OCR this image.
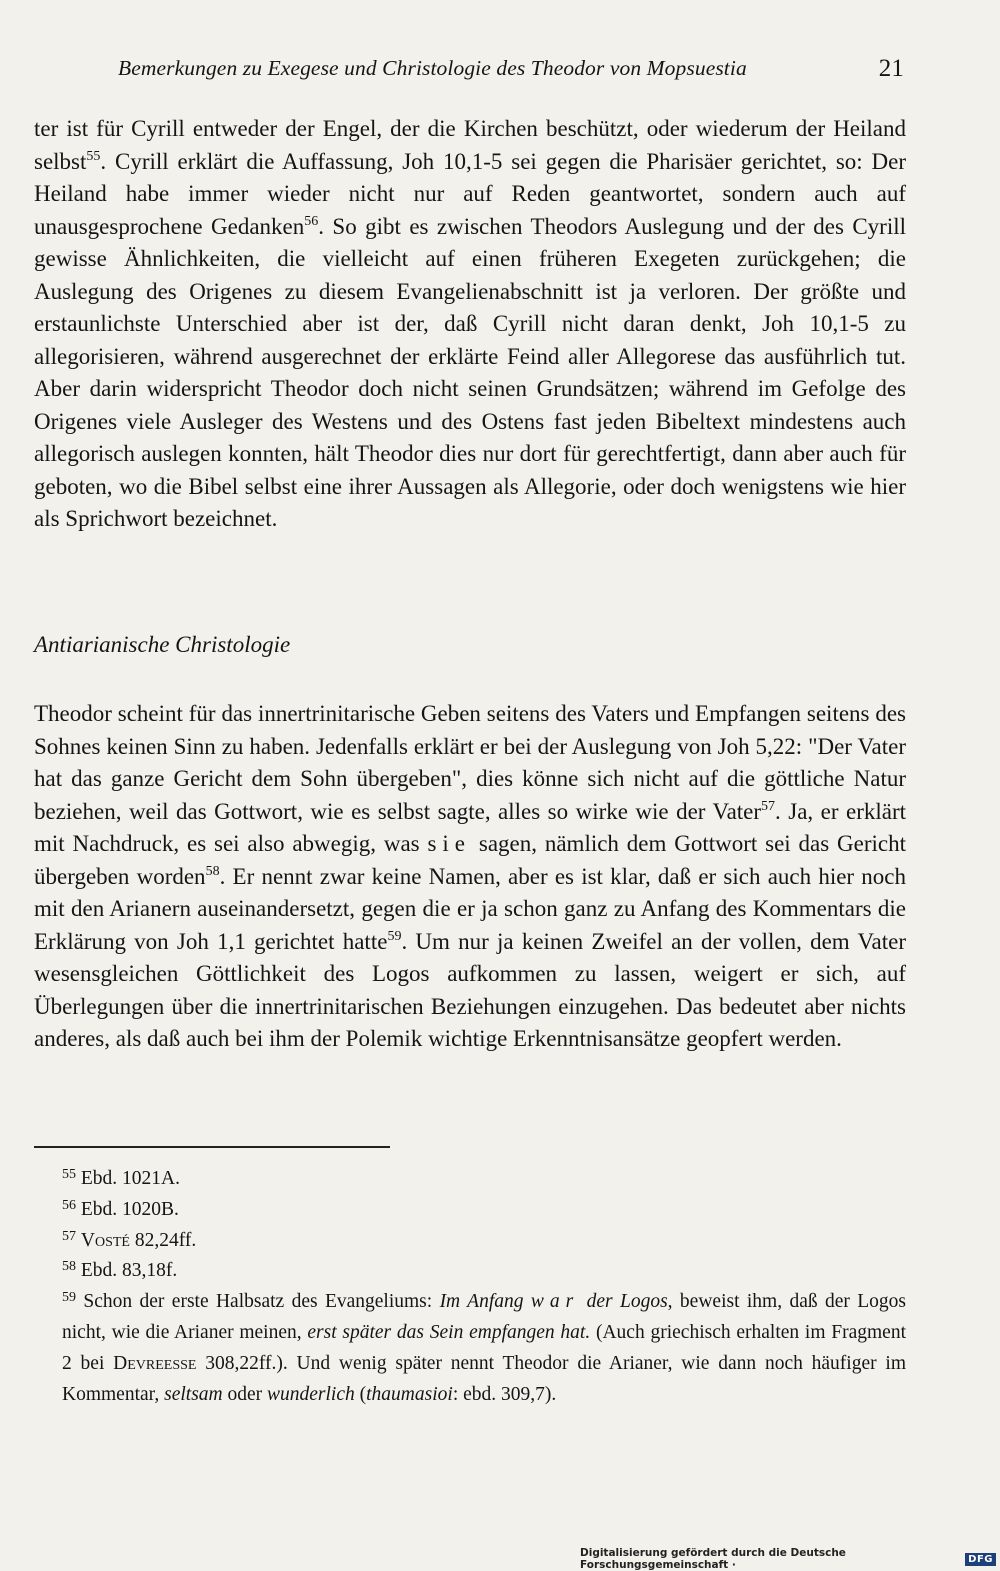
Bemerkungen zu Exegese und Christologie des Theodor von Mopsuestia	21

ter ist für Cyrill entweder der Engel, der die Kirchen beschützt, oder wiederum der Heiland selbst$^{55}$. Cyrill erklärt die Auffassung, Joh 10,1-5 sei gegen die Pharisäer gerichtet, so: Der Heiland habe immer wieder nicht nur auf Reden geantwortet, sondern auch auf unausgesprochene Gedanken$^{56}$. So gibt es zwischen Theodors Auslegung und der des Cyrill gewisse Ähnlichkeiten, die vielleicht auf einen früheren Exegeten zurückgehen; die Auslegung des Origenes zu diesem Evangelienabschnitt ist ja verloren. Der größte und erstaunlichste Unterschied aber ist der, daß Cyrill nicht daran denkt, Joh 10,1-5 zu allegorisieren, während ausgerechnet der erklärte Feind aller Allegorese das ausführlich tut. Aber darin widerspricht Theodor doch nicht seinen Grundsätzen; während im Gefolge des Origenes viele Ausleger des Westens und des Ostens fast jeden Bibeltext mindestens auch allegorisch auslegen konnten, hält Theodor dies nur dort für gerechtfertigt, dann aber auch für geboten, wo die Bibel selbst eine ihrer Aussagen als Allegorie, oder doch wenigstens wie hier als Sprichwort bezeichnet.

Antiarianische Christologie

Theodor scheint für das innertrinitarische Geben seitens des Vaters und Empfangen seitens des Sohnes keinen Sinn zu haben. Jedenfalls erklärt er bei der Auslegung von Joh 5,22: "Der Vater hat das ganze Gericht dem Sohn übergeben", dies könne sich nicht auf die göttliche Natur beziehen, weil das Gottwort, wie es selbst sagte, alles so wirke wie der Vater$^{57}$. Ja, er erklärt mit Nachdruck, es sei also abwegig, was sie sagen, nämlich dem Gottwort sei das Gericht übergeben worden$^{58}$. Er nennt zwar keine Namen, aber es ist klar, daß er sich auch hier noch mit den Arianern auseinandersetzt, gegen die er ja schon ganz zu Anfang des Kommentars die Erklärung von Joh 1,1 gerichtet hatte$^{59}$. Um nur ja keinen Zweifel an der vollen, dem Vater wesensgleichen Göttlichkeit des Logos aufkommen zu lassen, weigert er sich, auf Überlegungen über die innertrinitarischen Beziehungen einzugehen. Das bedeutet aber nichts anderes, als daß auch bei ihm der Polemik wichtige Erkenntnisansätze geopfert werden.

$^{55}$ Ebd. 1021A.
$^{56}$ Ebd. 1020B.
$^{57}$ Vosté 82,24ff.
$^{58}$ Ebd. 83,18f.
$^{59}$ Schon der erste Halbsatz des Evangeliums: Im Anfang war der Logos, beweist ihm, daß der Logos nicht, wie die Arianer meinen, erst später das Sein empfangen hat. (Auch griechisch erhalten im Fragment 2 bei Devreesse 308,22ff.). Und wenig später nennt Theodor die Arianer, wie dann noch häufiger im Kommentar, seltsam oder wunderlich (thaumasioi: ebd. 309,7).
Digitalisierung gefördert durch die Deutsche Forschungsgemeinschaft ·	DFG
